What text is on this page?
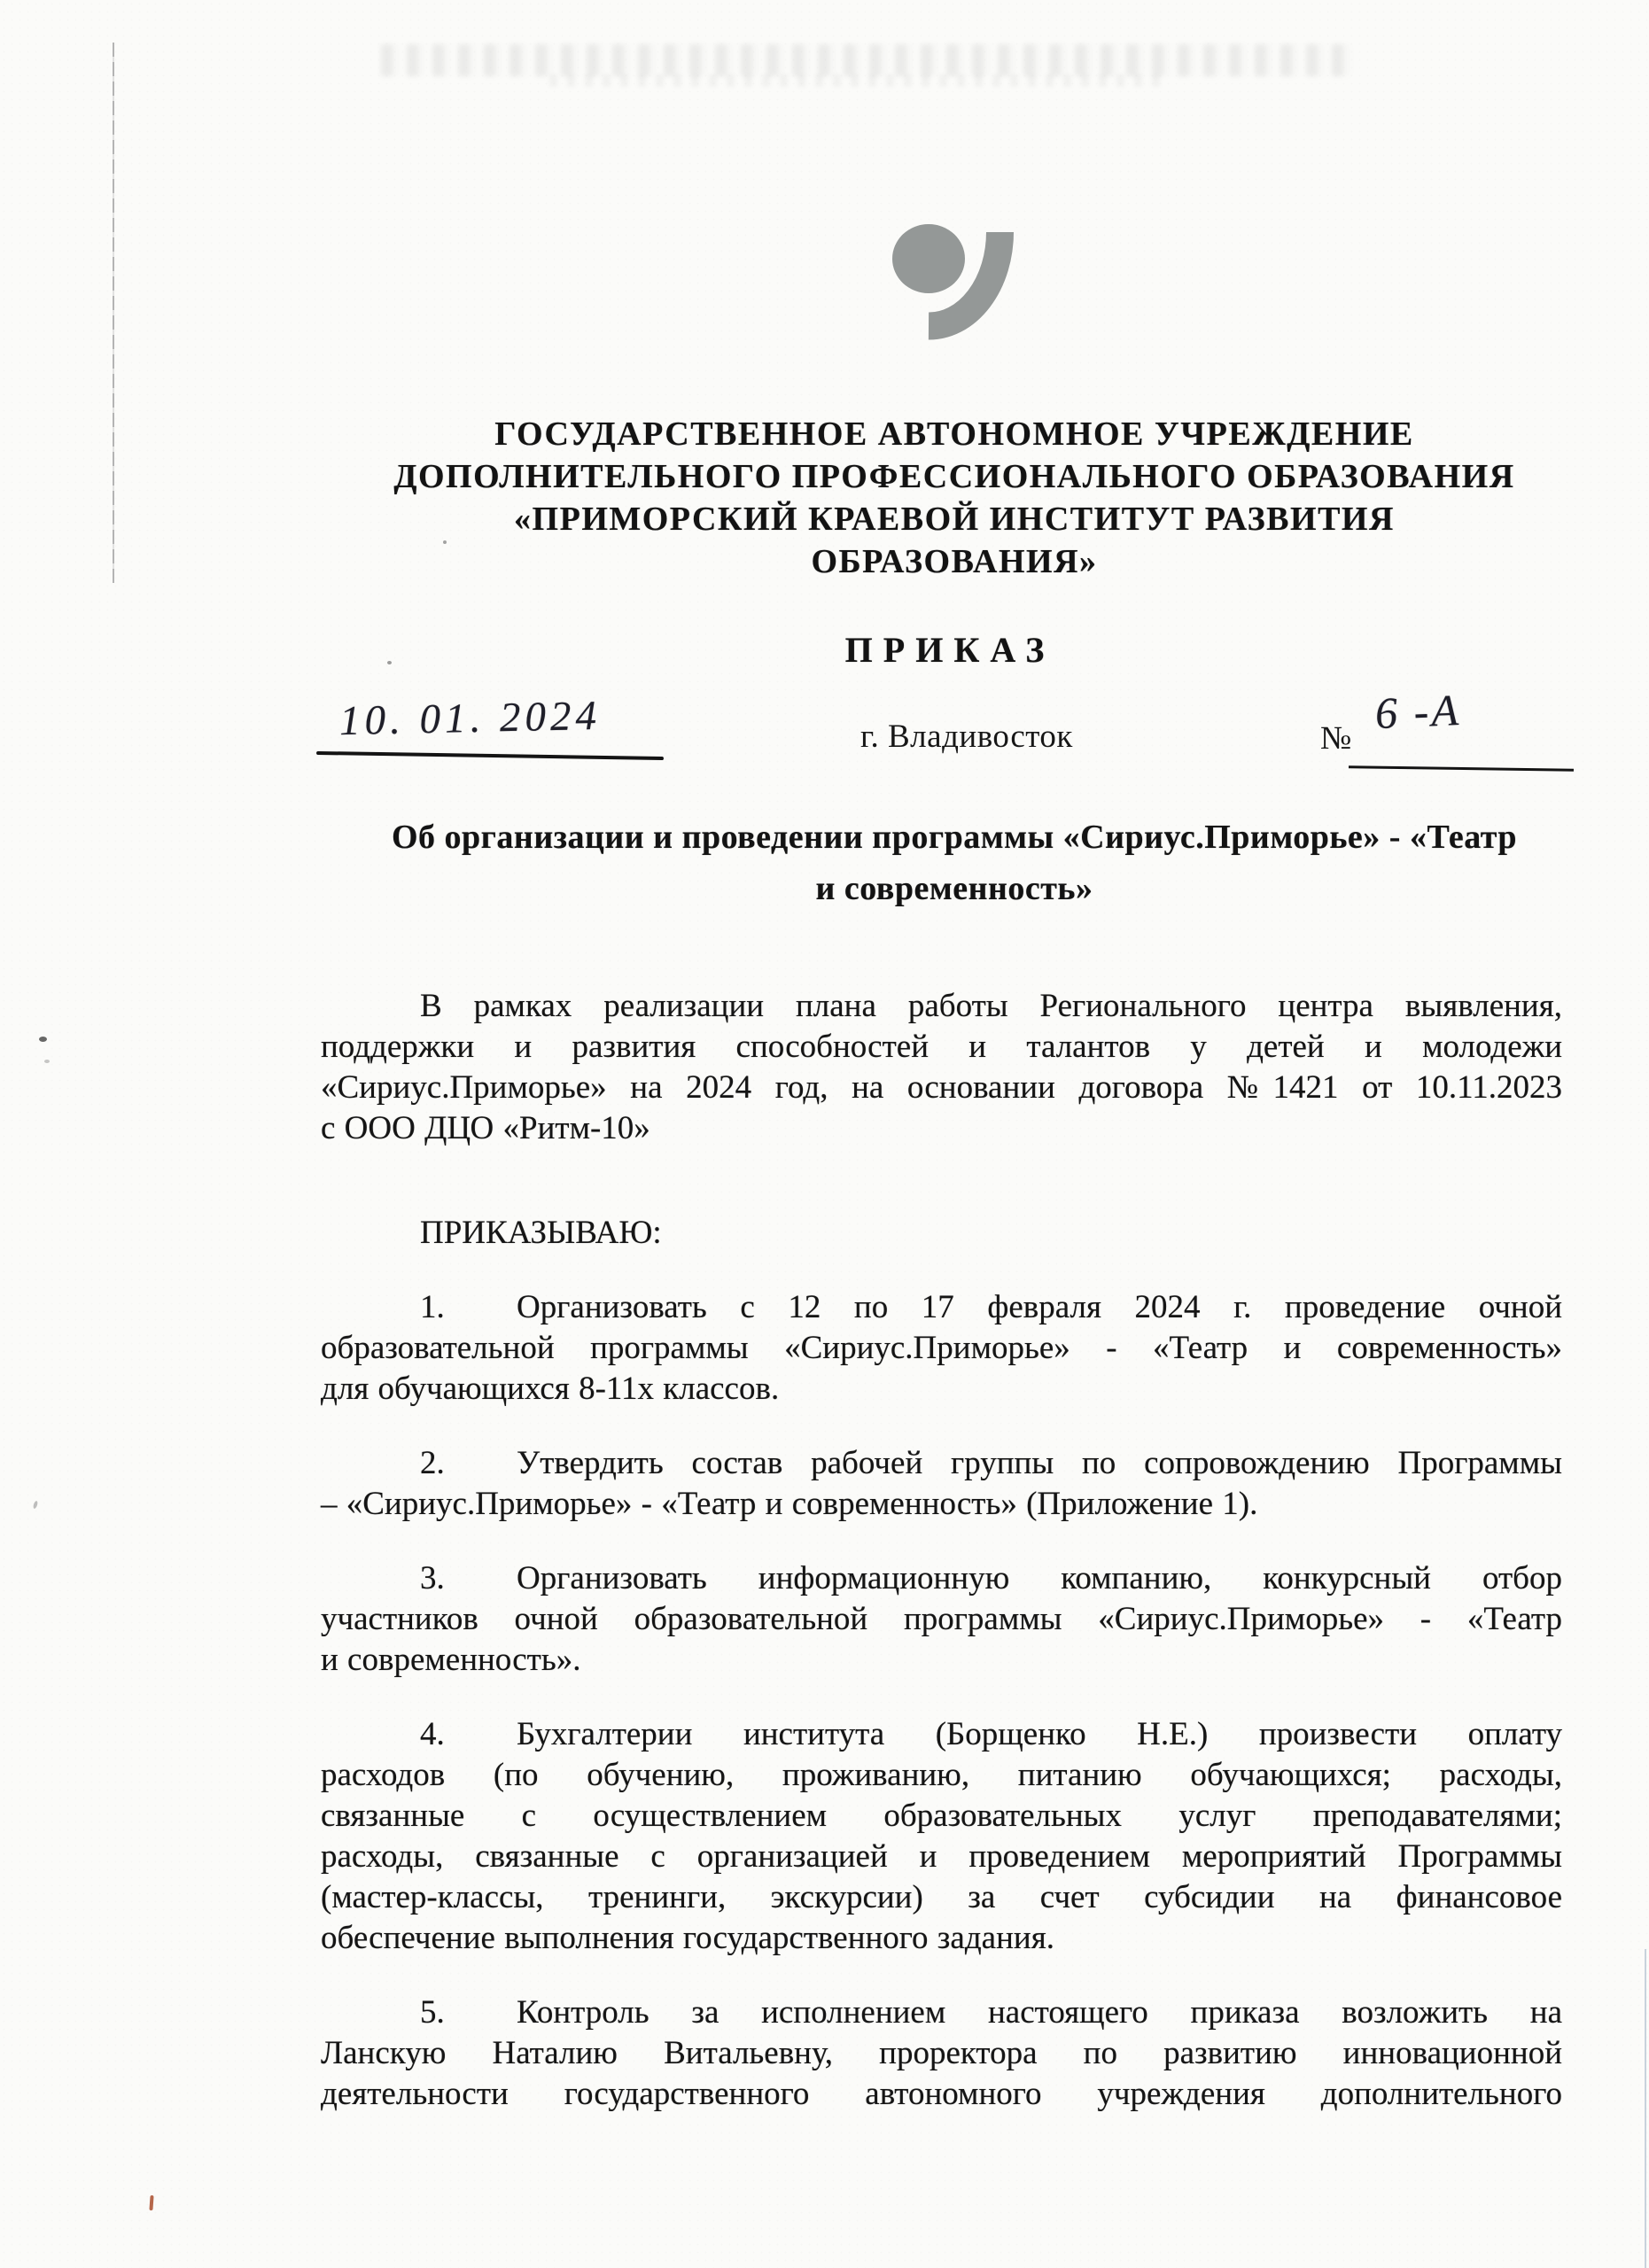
ГОСУДАРСТВЕННОЕ АВТОНОМНОЕ УЧРЕЖДЕНИЕ
ДОПОЛНИТЕЛЬНОГО ПРОФЕССИОНАЛЬНОГО ОБРАЗОВАНИЯ
«ПРИМОРСКИЙ КРАЕВОЙ ИНСТИТУТ РАЗВИТИЯ
ОБРАЗОВАНИЯ»
ПРИКАЗ
10. 01. 2024	г. Владивосток	№
6 -А
Об организации и проведении программы «Сириус.Приморье» - «Театр
и современность»
В рамках реализации плана работы Регионального центра выявления,
поддержки и развития способностей и талантов у детей и молодежи
«Сириус.Приморье» на 2024 год, на основании договора №1421 от 10.11.2023
с ООО ДЦО «Ритм-10»
ПРИКАЗЫВАЮ:
1. Организовать с 12 по 17 февраля 2024 г. проведение очной
образовательной программы «Сириус.Приморье» - «Театр и современность»
для обучающихся 8-11х классов.
2. Утвердить состав рабочей группы по сопровождению Программы
– «Сириус.Приморье» - «Театр и современность» (Приложение 1).
3. Организовать информационную компанию, конкурсный отбор
участников очной образовательной программы «Сириус.Приморье» - «Театр
и современность».
4. Бухгалтерии института (Борщенко Н.Е.) произвести оплату
расходов (по обучению, проживанию, питанию обучающихся; расходы,
связанные с осуществлением образовательных услуг преподавателями;
расходы, связанные с организацией и проведением мероприятий Программы
(мастер-классы, тренинги, экскурсии) за счет субсидии на финансовое
обеспечение выполнения государственного задания.
5. Контроль за исполнением настоящего приказа возложить на
Ланскую Наталию Витальевну, проректора по развитию инновационной
деятельности государственного автономного учреждения дополнительного
